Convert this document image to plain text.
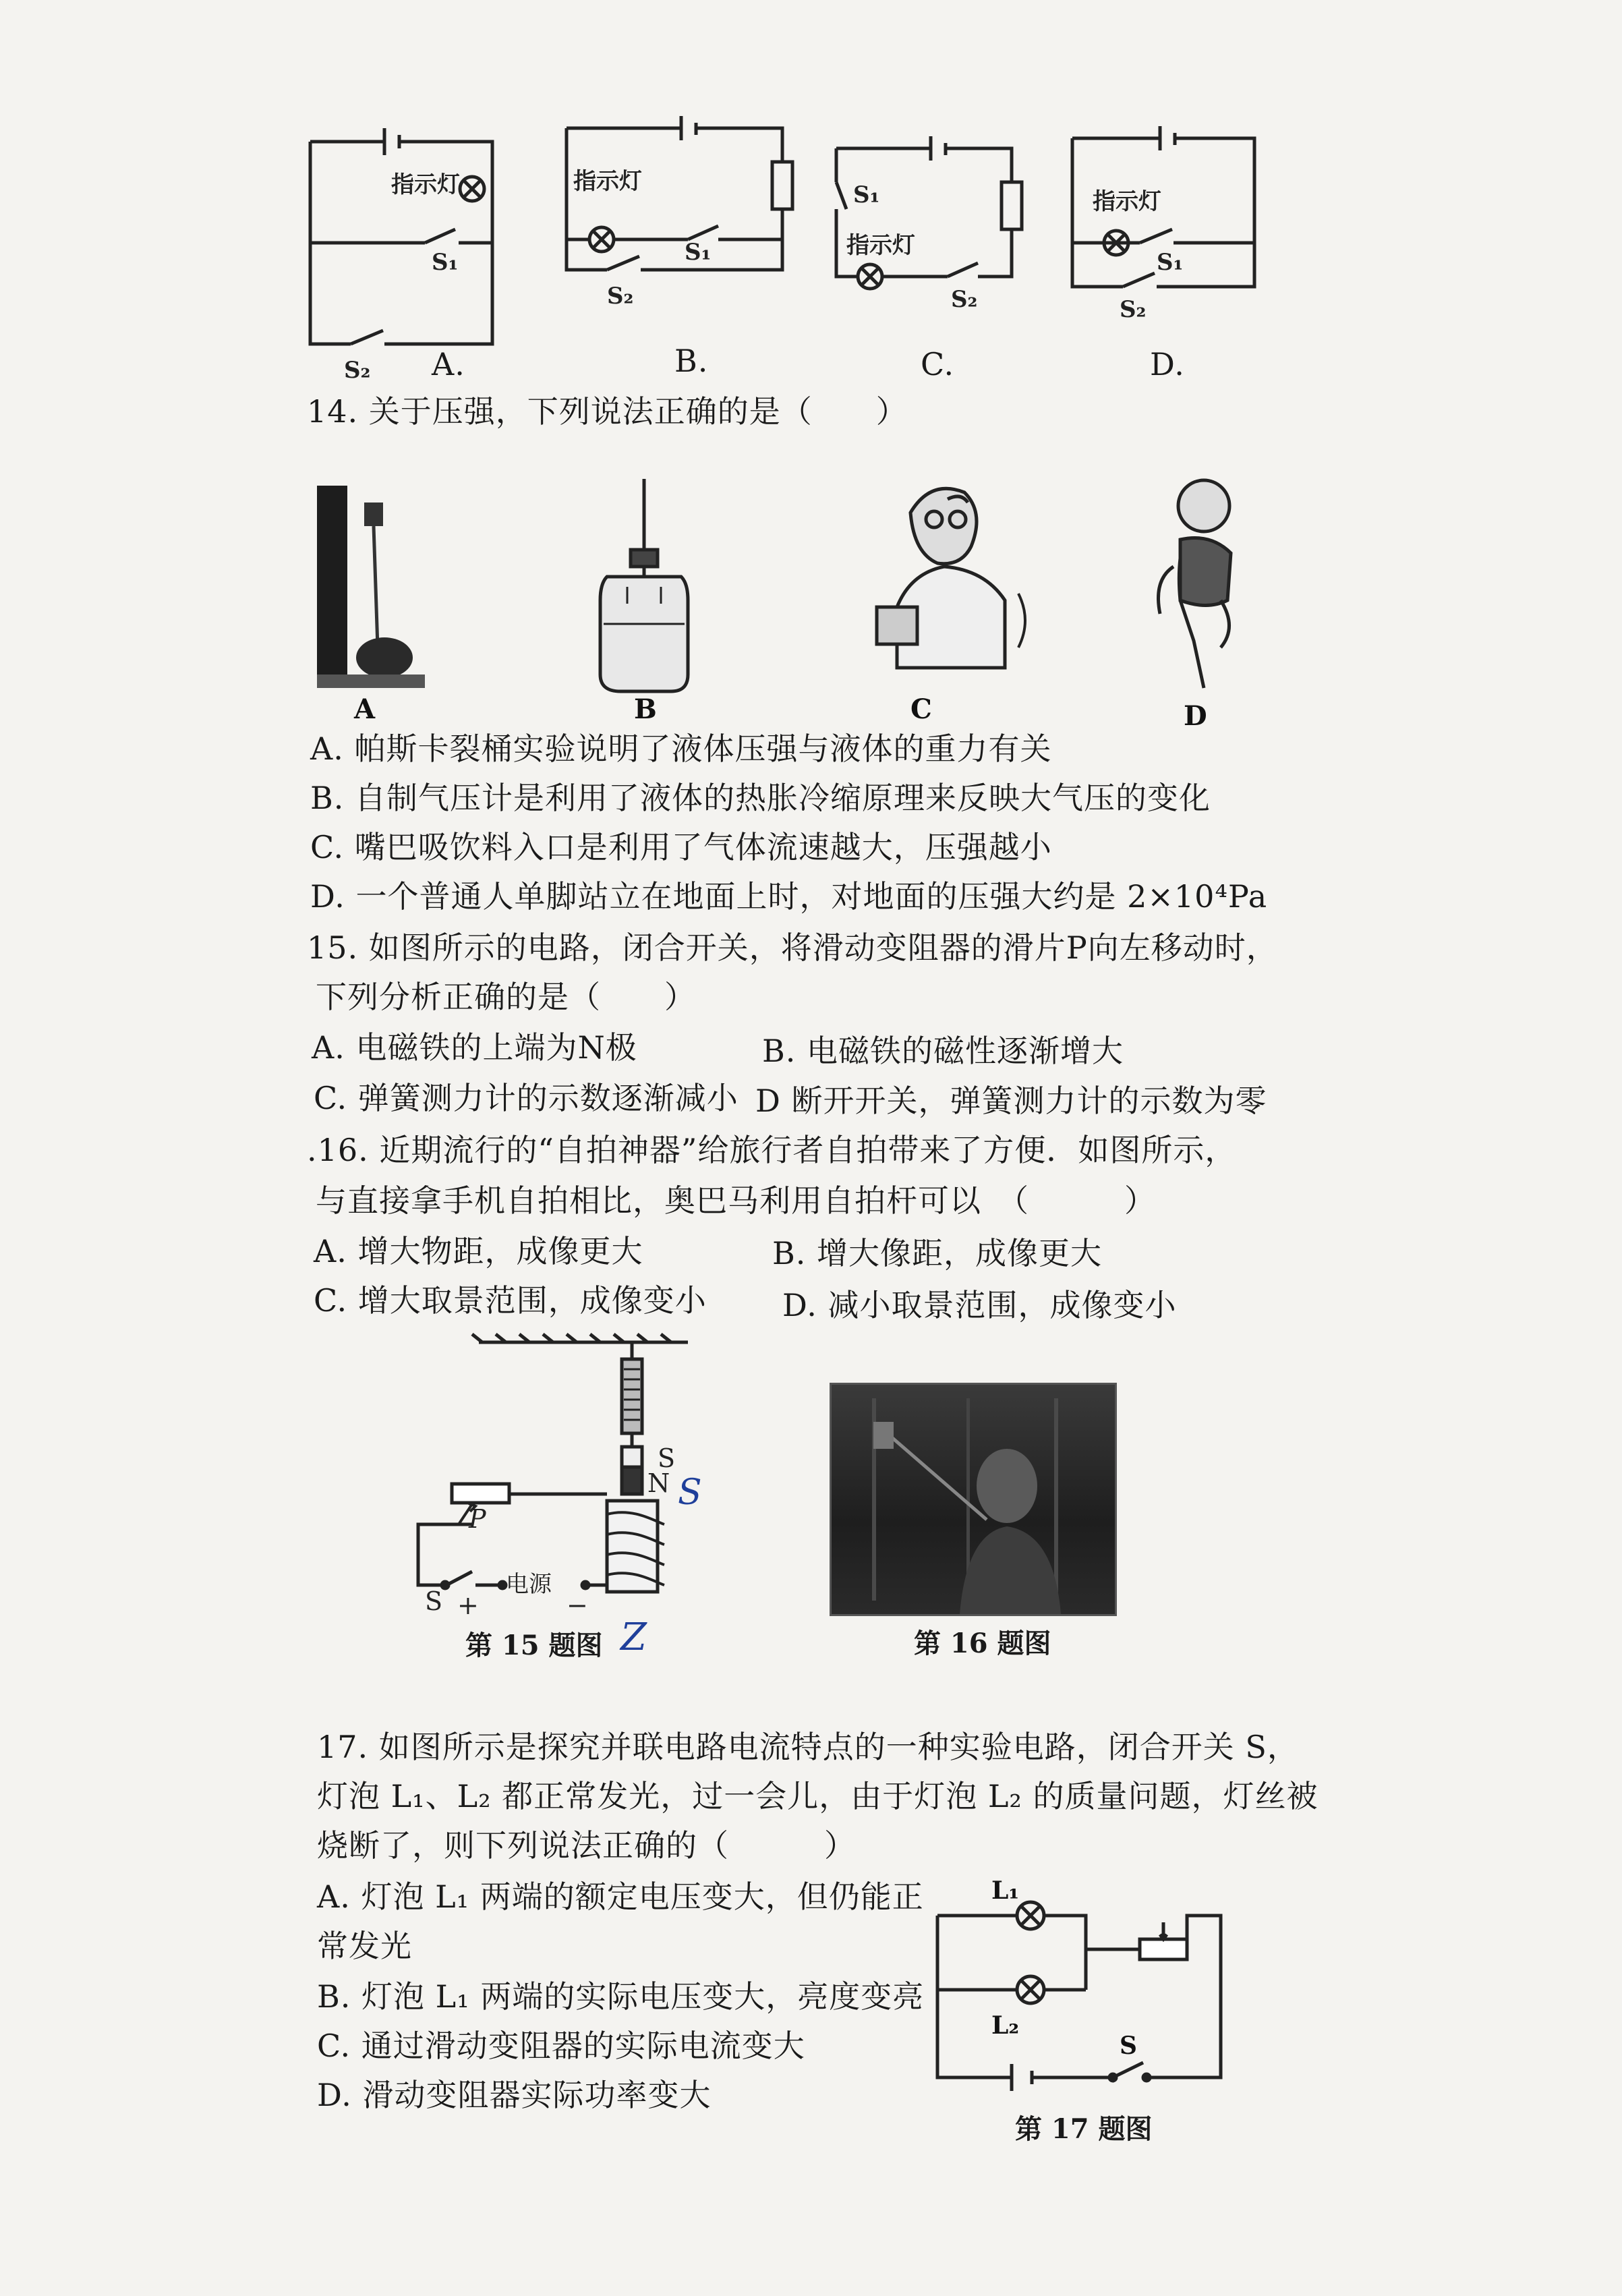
指示灯
S₁
S₂
指示灯
S₁
S₂
S₁
指示灯
S₂
指示灯
S₁
S₂
A.	B.	C.	D.
14. 关于压强，下列说法正确的是（　　）
A	B	C	D
A. 帕斯卡裂桶实验说明了液体压强与液体的重力有关
B. 自制气压计是利用了液体的热胀冷缩原理来反映大气压的变化
C. 嘴巴吸饮料入口是利用了气体流速越大，压强越小
D. 一个普通人单脚站立在地面上时，对地面的压强大约是 2×10⁴Pa
15. 如图所示的电路，闭合开关，将滑动变阻器的滑片P向左移动时，
下列分析正确的是（　　）
A. 电磁铁的上端为N极	B. 电磁铁的磁性逐渐增大
C. 弹簧测力计的示数逐渐减小 D 断开开关，弹簧测力计的示数为零
.16. 近期流行的“自拍神器”给旅行者自拍带来了方便．如图所示，
与直接拿手机自拍相比，奥巴马利用自拍杆可以　（　　　）
A. 增大物距，成像更大	B. 增大像距，成像更大
C. 增大取景范围，成像变小 D. 减小取景范围，成像变小
S
N
P
S
电源
+	−
S
第 15 题图 Z	第 16 题图
17. 如图所示是探究并联电路电流特点的一种实验电路，闭合开关 S，
灯泡 L₁、L₂ 都正常发光，过一会儿，由于灯泡 L₂ 的质量问题，灯丝被
烧断了，则下列说法正确的（　　　）
A. 灯泡 L₁ 两端的额定电压变大，但仍能正
常发光
B. 灯泡 L₁ 两端的实际电压变大，亮度变亮
C. 通过滑动变阻器的实际电流变大
D. 滑动变阻器实际功率变大
L₁
L₂
S
第 17 题图
